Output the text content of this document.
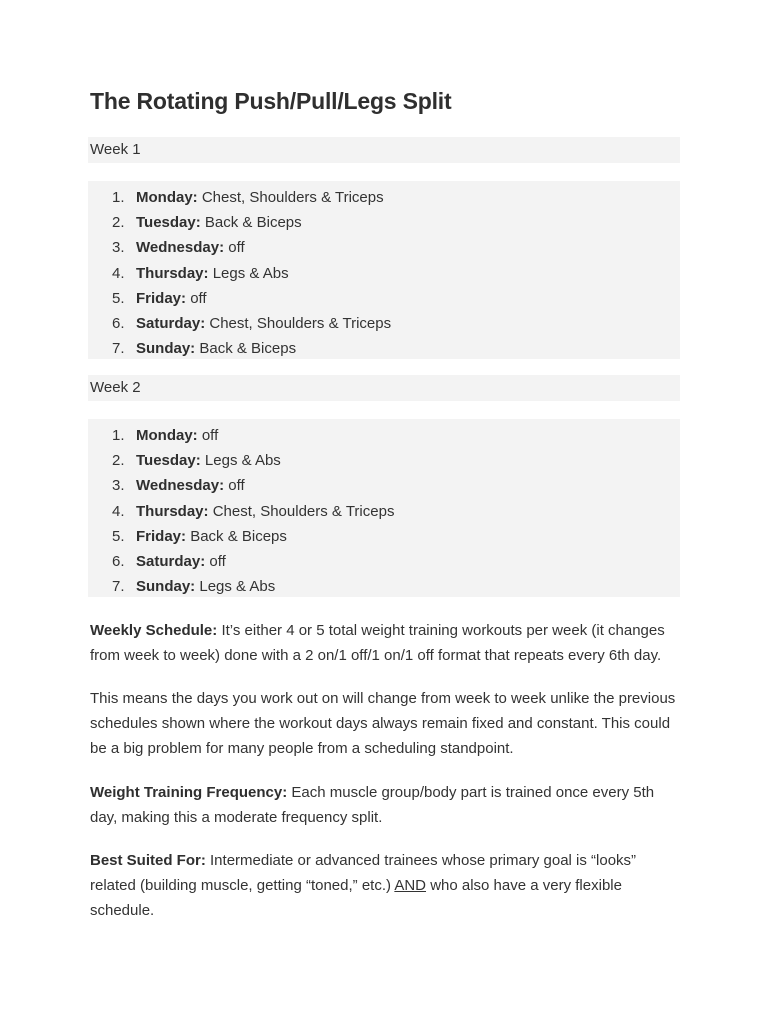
The Rotating Push/Pull/Legs Split
Week 1
1. Monday: Chest, Shoulders & Triceps
2. Tuesday: Back & Biceps
3. Wednesday: off
4. Thursday: Legs & Abs
5. Friday: off
6. Saturday: Chest, Shoulders & Triceps
7. Sunday: Back & Biceps
Week 2
1. Monday: off
2. Tuesday: Legs & Abs
3. Wednesday: off
4. Thursday: Chest, Shoulders & Triceps
5. Friday: Back & Biceps
6. Saturday: off
7. Sunday: Legs & Abs

Weekly Schedule: It’s either 4 or 5 total weight training workouts per week (it changes from week to week) done with a 2 on/1 off/1 on/1 off format that repeats every 6th day.

This means the days you work out on will change from week to week unlike the previous schedules shown where the workout days always remain fixed and constant. This could be a big problem for many people from a scheduling standpoint.

Weight Training Frequency: Each muscle group/body part is trained once every 5th day, making this a moderate frequency split.

Best Suited For: Intermediate or advanced trainees whose primary goal is “looks” related (building muscle, getting “toned,” etc.) AND who also have a very flexible schedule.
